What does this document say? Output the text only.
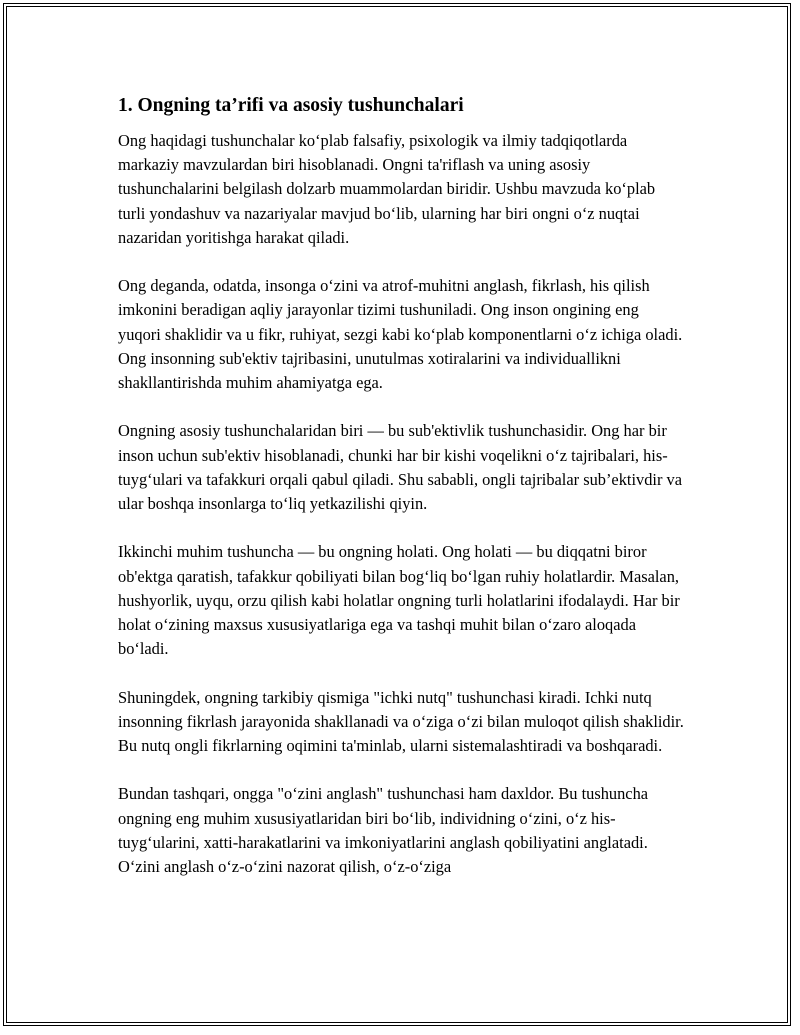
1. Ongning ta’rifi va asosiy tushunchalari

Ong haqidagi tushunchalar ko‘plab falsafiy, psixologik va ilmiy tadqiqotlarda markaziy mavzulardan biri hisoblanadi. Ongni ta'riflash va uning asosiy tushunchalarini belgilash dolzarb muammolardan biridir. Ushbu mavzuda ko‘plab turli yondashuv va nazariyalar mavjud bo‘lib, ularning har biri ongni o‘z nuqtai nazaridan yoritishga harakat qiladi.

Ong deganda, odatda, insonga o‘zini va atrof-muhitni anglash, fikrlash, his qilish imkonini beradigan aqliy jarayonlar tizimi tushuniladi. Ong inson ongining eng yuqori shaklidir va u fikr, ruhiyat, sezgi kabi ko‘plab komponentlarni o‘z ichiga oladi. Ong insonning sub'ektiv tajribasini, unutulmas xotiralarini va individuallikni shakllantirishda muhim ahamiyatga ega.

Ongning asosiy tushunchalaridan biri — bu sub'ektivlik tushunchasidir. Ong har bir inson uchun sub'ektiv hisoblanadi, chunki har bir kishi voqelikni o‘z tajribalari, his-tuyg‘ulari va tafakkuri orqali qabul qiladi. Shu sababli, ongli tajribalar sub’ektivdir va ular boshqa insonlarga to‘liq yetkazilishi qiyin.

Ikkinchi muhim tushuncha — bu ongning holati. Ong holati — bu diqqatni biror ob'ektga qaratish, tafakkur qobiliyati bilan bog‘liq bo‘lgan ruhiy holatlardir. Masalan, hushyorlik, uyqu, orzu qilish kabi holatlar ongning turli holatlarini ifodalaydi. Har bir holat o‘zining maxsus xususiyatlariga ega va tashqi muhit bilan o‘zaro aloqada bo‘ladi.

Shuningdek, ongning tarkibiy qismiga "ichki nutq" tushunchasi kiradi. Ichki nutq insonning fikrlash jarayonida shakllanadi va o‘ziga o‘zi bilan muloqot qilish shaklidir. Bu nutq ongli fikrlarning oqimini ta'minlab, ularni sistemalashtiradi va boshqaradi.

Bundan tashqari, ongga "o‘zini anglash" tushunchasi ham daxldor. Bu tushuncha ongning eng muhim xususiyatlaridan biri bo‘lib, individning o‘zini, o‘z his-tuyg‘ularini, xatti-harakatlarini va imkoniyatlarini anglash qobiliyatini anglatadi. O‘zini anglash o‘z-o‘zini nazorat qilish, o‘z-o‘ziga
